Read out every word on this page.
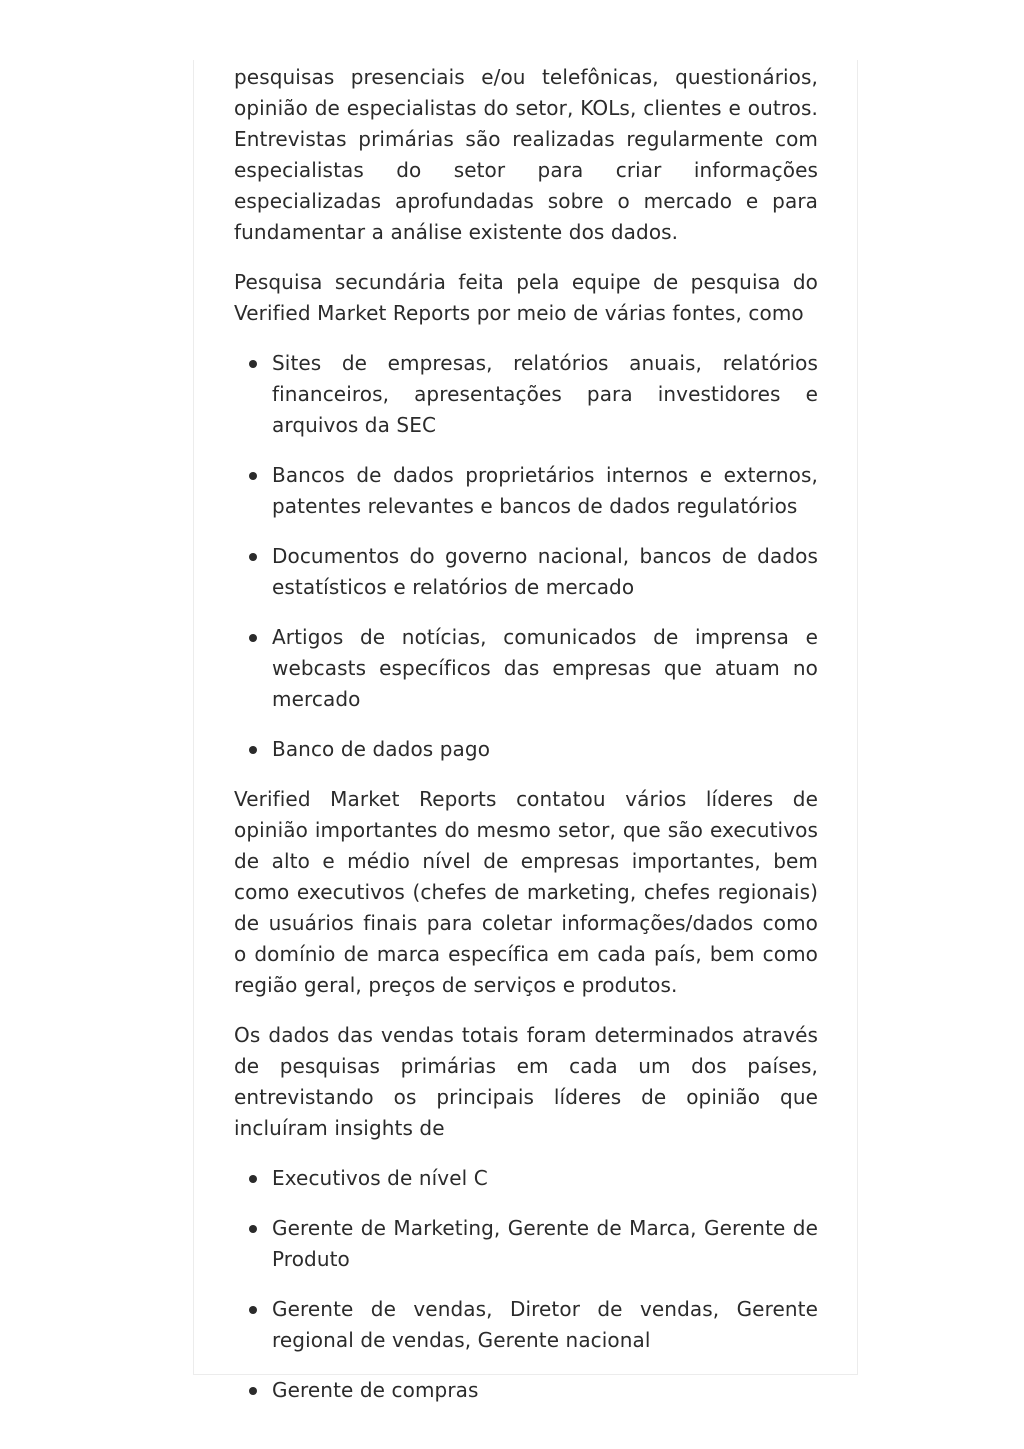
pesquisas presenciais e/ou telefônicas, questionários, opinião de especialistas do setor, KOLs, clientes e outros. Entrevistas primárias são realizadas regularmente com especialistas do setor para criar informações especializadas aprofundadas sobre o mercado e para fundamentar a análise existente dos dados.

Pesquisa secundária feita pela equipe de pesquisa do Verified Market Reports por meio de várias fontes, como

Sites de empresas, relatórios anuais, relatórios financeiros, apresentações para investidores e arquivos da SEC
Bancos de dados proprietários internos e externos, patentes relevantes e bancos de dados regulatórios
Documentos do governo nacional, bancos de dados estatísticos e relatórios de mercado
Artigos de notícias, comunicados de imprensa e webcasts específicos das empresas que atuam no mercado
Banco de dados pago

Verified Market Reports contatou vários líderes de opinião importantes do mesmo setor, que são executivos de alto e médio nível de empresas importantes, bem como executivos (chefes de marketing, chefes regionais) de usuários finais para coletar informações/dados como o domínio de marca específica em cada país, bem como região geral, preços de serviços e produtos.

Os dados das vendas totais foram determinados através de pesquisas primárias em cada um dos países, entrevistando os principais líderes de opinião que incluíram insights de

Executivos de nível C
Gerente de Marketing, Gerente de Marca, Gerente de Produto
Gerente de vendas, Diretor de vendas, Gerente regional de vendas, Gerente nacional
Gerente de compras
